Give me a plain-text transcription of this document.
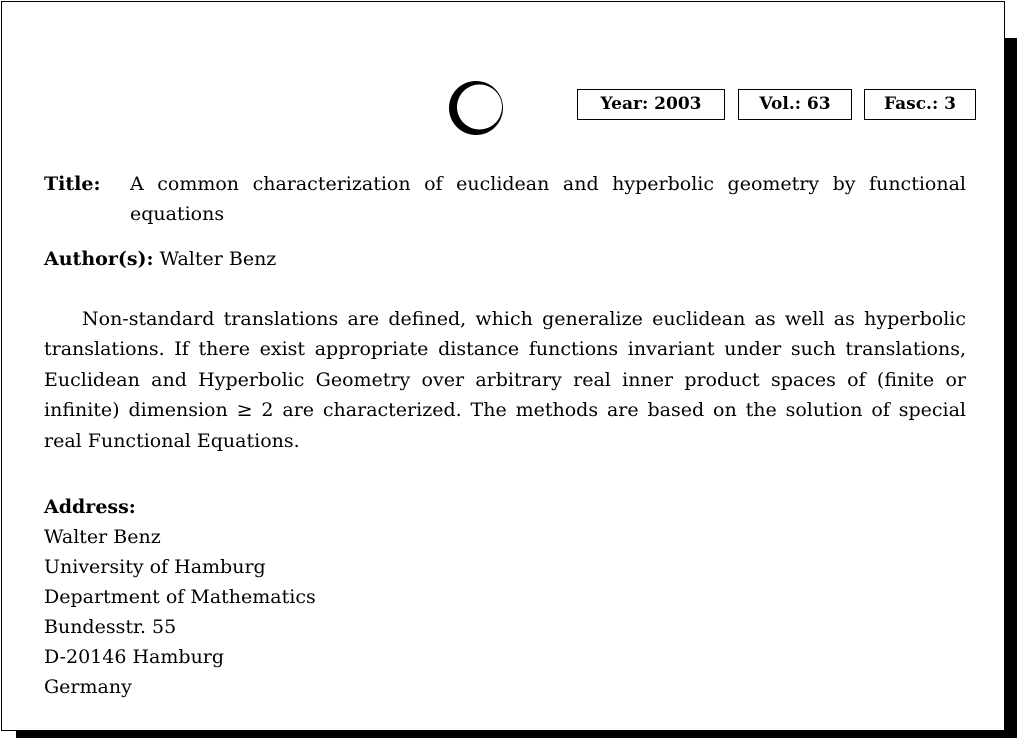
Year: 2003	Vol.: 63	Fasc.: 3
Title: A common characterization of euclidean and hyperbolic geometry by functional equations
Author(s): Walter Benz

Non-standard translations are defined, which generalize euclidean as well as hyperbolic translations. If there exist appropriate distance functions invariant under such translations, Euclidean and Hyperbolic Geometry over arbitrary real inner product spaces of (finite or infinite) dimension ≥ 2 are characterized. The methods are based on the solution of special real Functional Equations.

Address:
Walter Benz
University of Hamburg
Department of Mathematics
Bundesstr. 55
D-20146 Hamburg
Germany
